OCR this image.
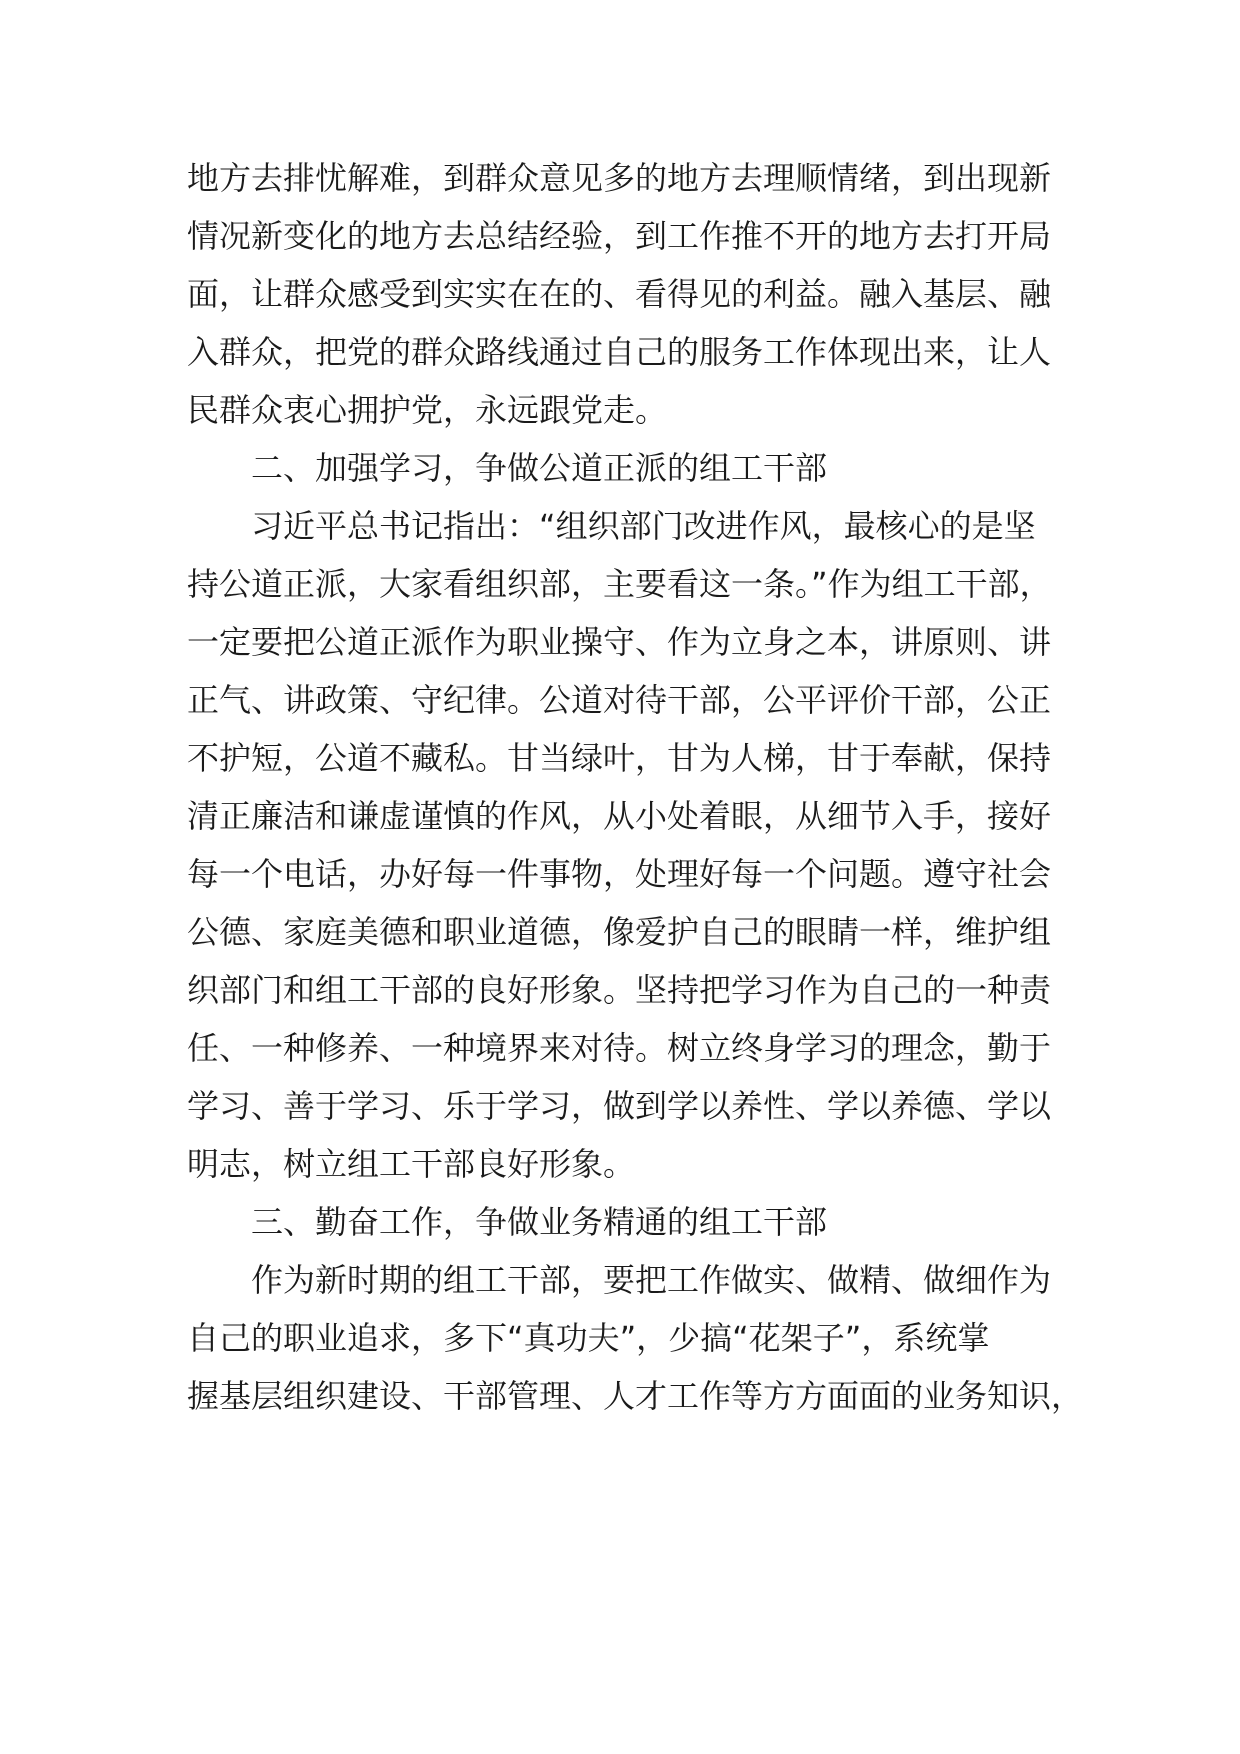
地方去排忧解难，到群众意见多的地方去理顺情绪，到出现新

情况新变化的地方去总结经验，到工作推不开的地方去打开局

面，让群众感受到实实在在的、看得见的利益。融入基层、融

入群众，把党的群众路线通过自己的服务工作体现出来，让人

民群众衷心拥护党，永远跟党走。

二、加强学习，争做公道正派的组工干部

习近平总书记指出：“组织部门改进作风，最核心的是坚

持公道正派，大家看组织部，主要看这一条。”作为组工干部，

一定要把公道正派作为职业操守、作为立身之本，讲原则、讲

正气、讲政策、守纪律。公道对待干部，公平评价干部，公正

不护短，公道不藏私。甘当绿叶，甘为人梯，甘于奉献，保持

清正廉洁和谦虚谨慎的作风，从小处着眼，从细节入手，接好

每一个电话，办好每一件事物，处理好每一个问题。遵守社会

公德、家庭美德和职业道德，像爱护自己的眼睛一样，维护组

织部门和组工干部的良好形象。坚持把学习作为自己的一种责

任、一种修养、一种境界来对待。树立终身学习的理念，勤于

学习、善于学习、乐于学习，做到学以养性、学以养德、学以

明志，树立组工干部良好形象。

三、勤奋工作，争做业务精通的组工干部

作为新时期的组工干部，要把工作做实、做精、做细作为

自己的职业追求，多下“真功夫”，少搞“花架子”，系统掌

握基层组织建设、干部管理、人才工作等方方面面的业务知识，
